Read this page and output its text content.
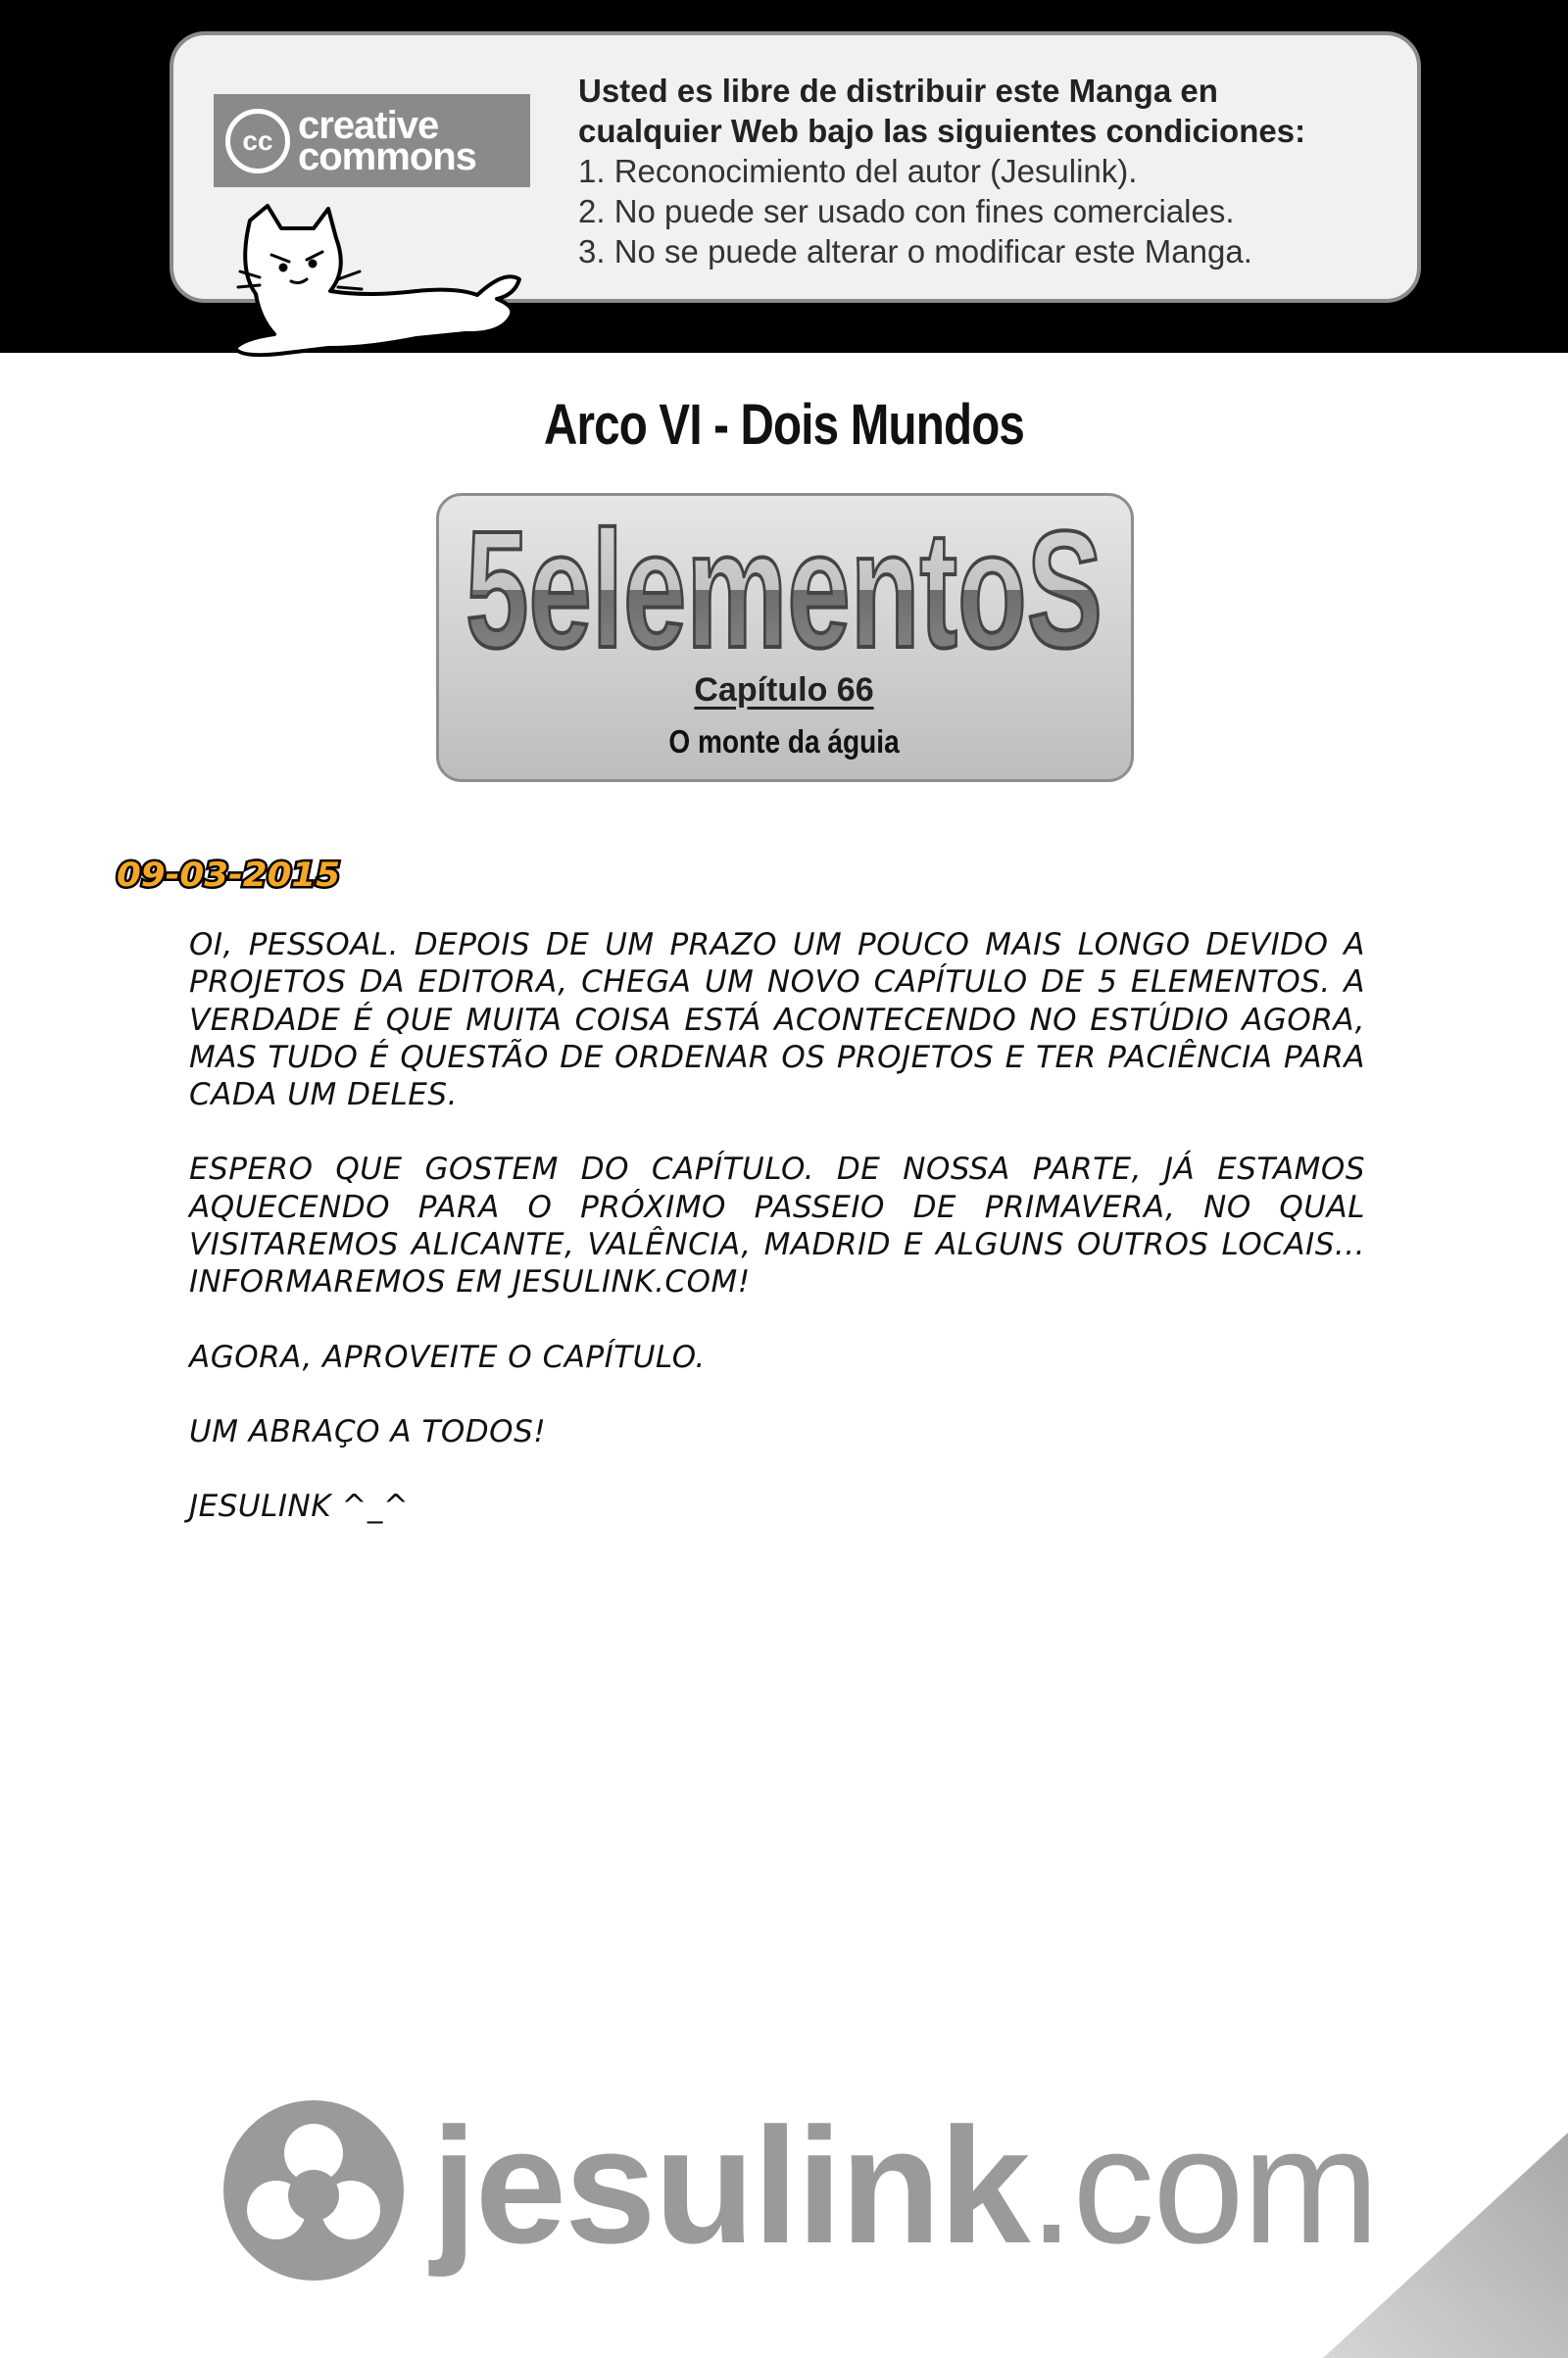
cc creative
commons
Usted es libre de distribuir este Manga en
cualquier Web bajo las siguientes condiciones:
1. Reconocimiento del autor (Jesulink).
2. No puede ser usado con fines comerciales.
3. No se puede alterar o modificar este Manga.
Arco VI - Dois Mundos
5elementoS
Capítulo 66
O monte da águia
09-03-2015

OI, PESSOAL. DEPOIS DE UM PRAZO UM POUCO MAIS LONGO DEVIDO A PROJETOS DA EDITORA, CHEGA UM NOVO CAPÍTULO DE 5 ELEMENTOS. A VERDADE É QUE MUITA COISA ESTÁ ACONTECENDO NO ESTÚDIO AGORA, MAS TUDO É QUESTÃO DE ORDENAR OS PROJETOS E TER PACIÊNCIA PARA CADA UM DELES.

ESPERO QUE GOSTEM DO CAPÍTULO. DE NOSSA PARTE, JÁ ESTAMOS AQUECENDO PARA O PRÓXIMO PASSEIO DE PRIMAVERA, NO QUAL VISITAREMOS ALICANTE, VALÊNCIA, MADRID E ALGUNS OUTROS LOCAIS... INFORMAREMOS EM JESULINK.COM!

AGORA, APROVEITE O CAPÍTULO.

UM ABRAÇO A TODOS!

JESULINK ^_^

jesulink.com
